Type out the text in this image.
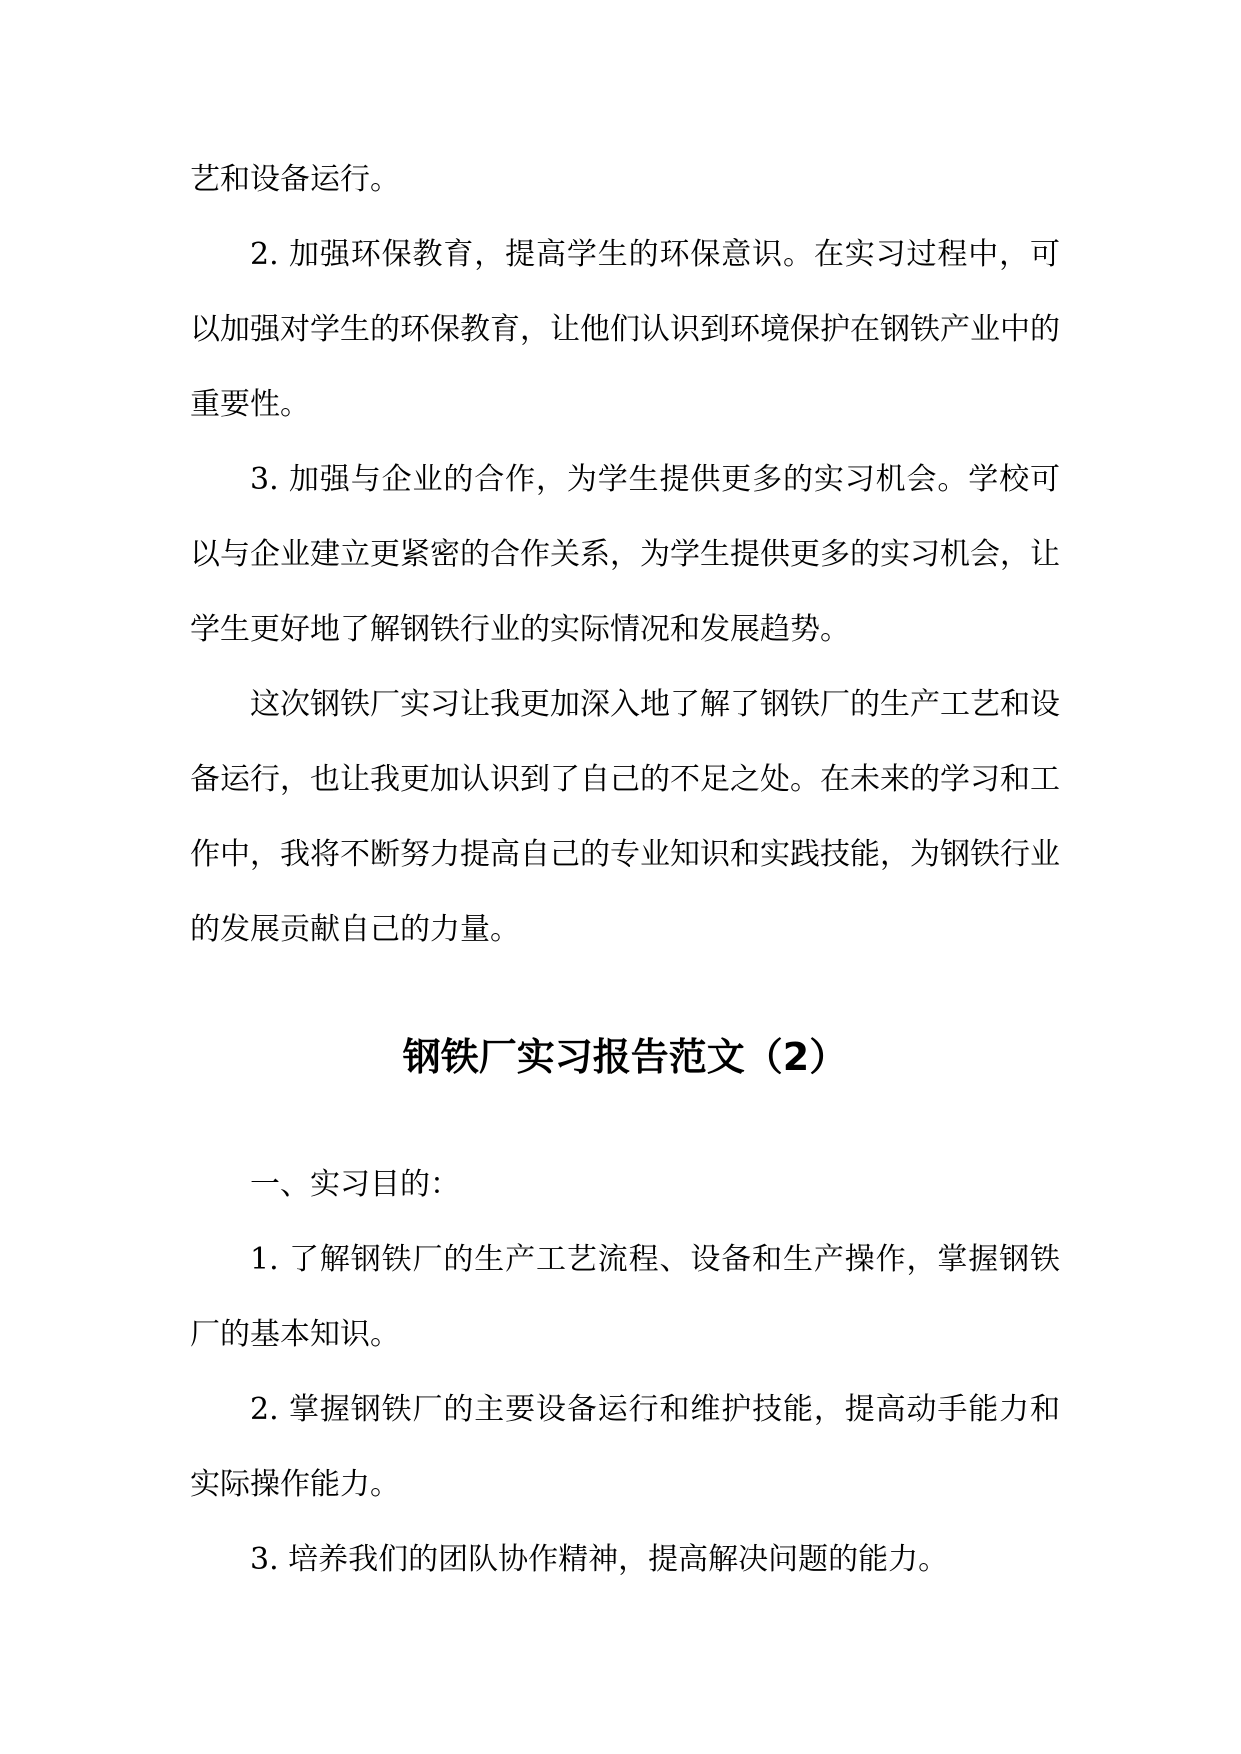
艺和设备运行。

2. 加强环保教育，提高学生的环保意识。在实习过程中，可以加强对学生的环保教育，让他们认识到环境保护在钢铁产业中的重要性。

3. 加强与企业的合作，为学生提供更多的实习机会。学校可以与企业建立更紧密的合作关系，为学生提供更多的实习机会，让学生更好地了解钢铁行业的实际情况和发展趋势。

这次钢铁厂实习让我更加深入地了解了钢铁厂的生产工艺和设备运行，也让我更加认识到了自己的不足之处。在未来的学习和工作中，我将不断努力提高自己的专业知识和实践技能，为钢铁行业的发展贡献自己的力量。

钢铁厂实习报告范文（2）

一、实习目的：

1. 了解钢铁厂的生产工艺流程、设备和生产操作，掌握钢铁厂的基本知识。

2. 掌握钢铁厂的主要设备运行和维护技能，提高动手能力和实际操作能力。

3. 培养我们的团队协作精神，提高解决问题的能力。
